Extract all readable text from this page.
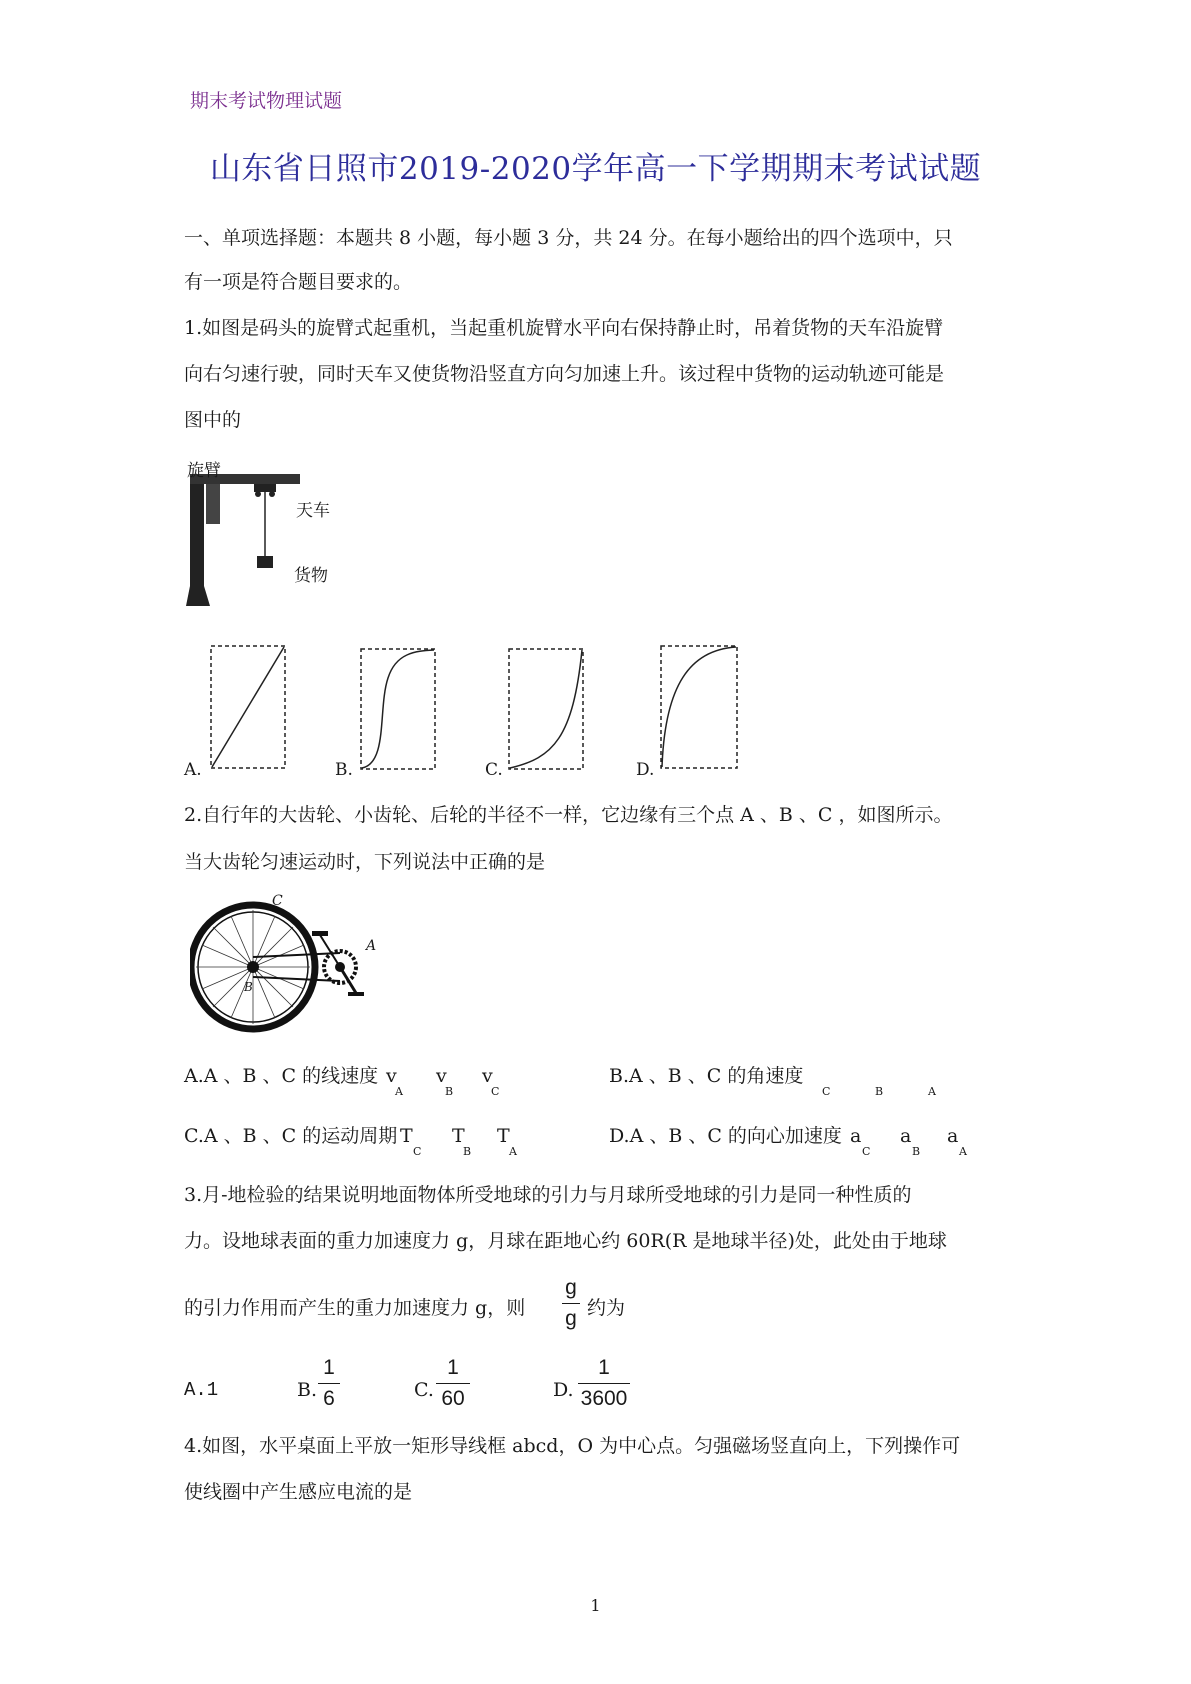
期末考试物理试题
山东省日照市2019-2020学年高一下学期期末考试试题
一、单项选择题：本题共 8 小题，每小题 3 分，共 24 分。在每小题给出的四个选项中，只
有一项是符合题目要求的。
1.如图是码头的旋臂式起重机，当起重机旋臂水平向右保持静止时，吊着货物的天车沿旋臂
向右匀速行驶，同时天车又使货物沿竖直方向匀加速上升。该过程中货物的运动轨迹可能是
图中的
旋臂
天车
货物
A.	B.	C.	D.
2.自行年的大齿轮、小齿轮、后轮的半径不一样，它边缘有三个点 A 、B 、C ，如图所示。
当大齿轮匀速运动时，下列说法中正确的是
C
A
B
A.A 、B 、C 的线速度 v
A
v
B
v
C
B.A 、B 、C 的角速度
C	B	A
C.A 、B 、C 的运动周期 T
C
T
B
T
A
D.A 、B 、C 的向心加速度 a
C
a
B
a
A
3.月-地检验的结果说明地面物体所受地球的引力与月球所受地球的引力是同一种性质的
力。设地球表面的重力加速度力 g，月球在距地心约 60R(R 是地球半径)处，此处由于地球
的引力作用而产生的重力加速度力 g，则
g
g 约为
A.1	B.
1
6	C.
1
60	D.
1
3600
4.如图，水平桌面上平放一矩形导线框 abcd，O 为中心点。匀强磁场竖直向上，下列操作可
使线圈中产生感应电流的是
1
